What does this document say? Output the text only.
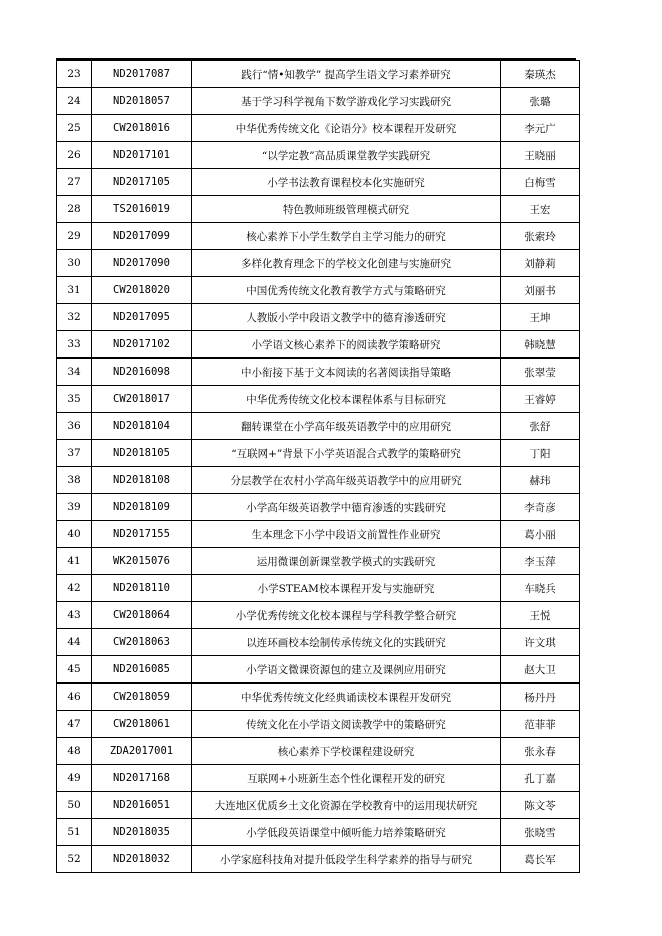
23	ND2017087	践行“情•知教学” 提高学生语文学习素养研究	秦瑛杰
24	ND2018057	基于学习科学视角下数学游戏化学习实践研究	张璐
25	CW2018016	中华优秀传统文化《论语分》校本课程开发研究	李元广
26	ND2017101	“以学定教”高品质课堂教学实践研究	王晓丽
27	ND2017105	小学书法教育课程校本化实施研究	白梅雪
28	TS2016019	特色教师班级管理模式研究	王宏
29	ND2017099	核心素养下小学生数学自主学习能力的研究	张索玲
30	ND2017090	多样化教育理念下的学校文化创建与实施研究	刘静莉
31	CW2018020	中国优秀传统文化教育教学方式与策略研究	刘丽书
32	ND2017095	人教版小学中段语文教学中的德育渗透研究	王坤
33	ND2017102	小学语文核心素养下的阅读教学策略研究	韩晓慧
34	ND2016098	中小衔接下基于文本阅读的名著阅读指导策略	张翠莹
35	CW2018017	中华优秀传统文化校本课程体系与目标研究	王睿婷
36	ND2018104	翻转课堂在小学高年级英语教学中的应用研究	张舒
37	ND2018105	“互联网+”背景下小学英语混合式教学的策略研究	丁阳
38	ND2018108	分层教学在农村小学高年级英语教学中的应用研究	赫玮
39	ND2018109	小学高年级英语教学中德育渗透的实践研究	李奇彦
40	ND2017155	生本理念下小学中段语文前置性作业研究	葛小丽
41	WK2015076	运用微课创新课堂教学模式的实践研究	李玉萍
42	ND2018110	小学STEAM校本课程开发与实施研究	车晓兵
43	CW2018064	小学优秀传统文化校本课程与学科教学整合研究	王悦
44	CW2018063	以连环画校本绘制传承传统文化的实践研究	许文琪
45	ND2016085	小学语文微课资源包的建立及课例应用研究	赵大卫
46	CW2018059	中华优秀传统文化经典诵读校本课程开发研究	杨丹丹
47	CW2018061	传统文化在小学语文阅读教学中的策略研究	范菲菲
48	ZDA2017001	核心素养下学校课程建设研究	张永春
49	ND2017168	互联网+小班新生态个性化课程开发的研究	孔丁嘉
50	ND2016051	大连地区优质乡土文化资源在学校教育中的运用现状研究	陈文苓
51	ND2018035	小学低段英语课堂中倾听能力培养策略研究	张晓雪
52	ND2018032	小学家庭科技角对提升低段学生科学素养的指导与研究	葛长军
